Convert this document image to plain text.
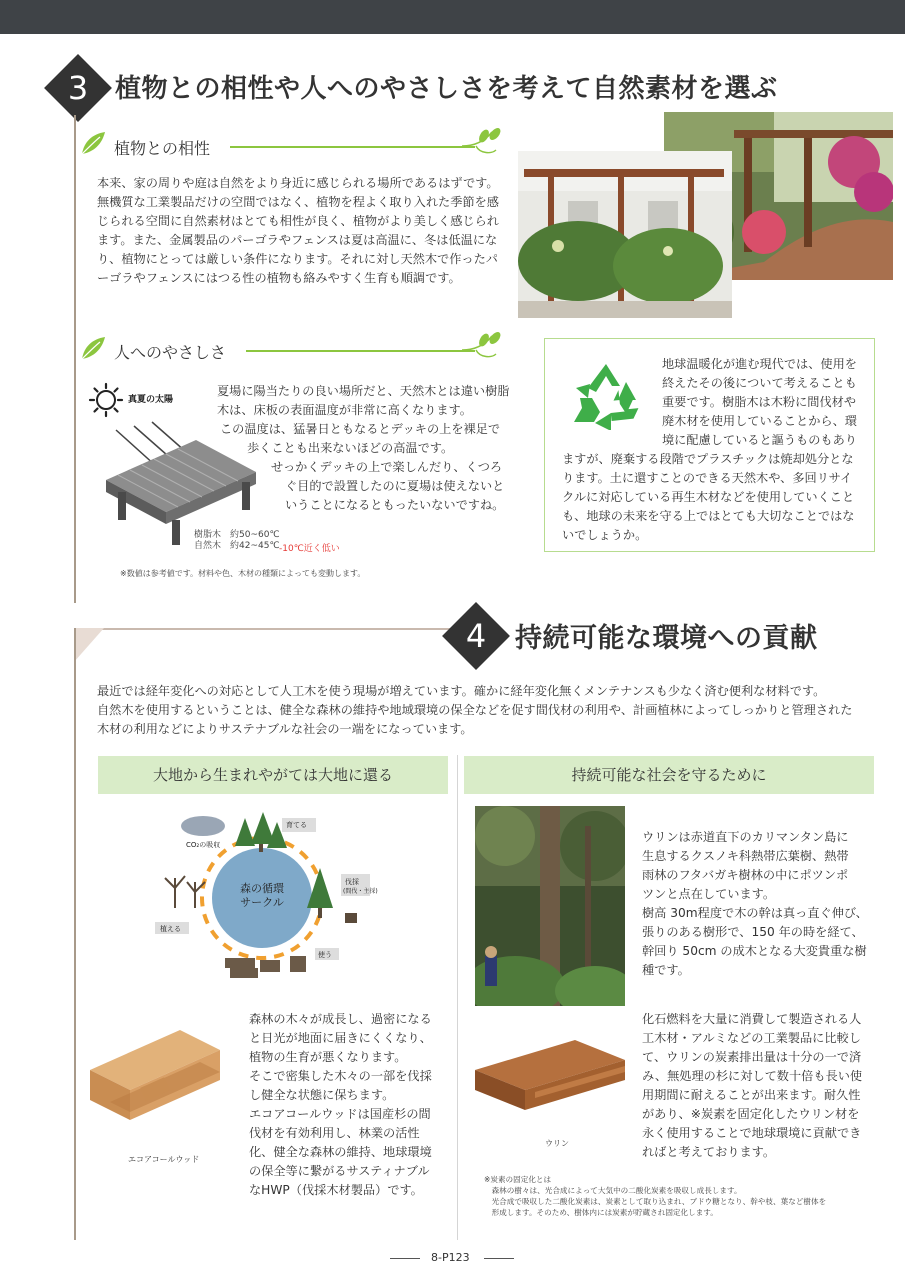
3	植物との相性や人へのやさしさを考えて自然素材を選ぶ
植物との相性
本来、家の周りや庭は自然をより身近に感じられる場所であるはずです。
無機質な工業製品だけの空間ではなく、植物を程よく取り入れた季節を感
じられる空間に自然素材はとても相性が良く、植物がより美しく感じられ
ます。また、金属製品のパーゴラやフェンスは夏は高温に、冬は低温にな
り、植物にとっては厳しい条件になります。それに対し天然木で作ったパ
ーゴラやフェンスにはつる性の植物も絡みやすく生育も順調です。
人へのやさしさ
真夏の太陽
夏場に陽当たりの良い場所だと、天然木とは違い樹脂
木は、床板の表面温度が非常に高くなります。
この温度は、猛暑日ともなるとデッキの上を裸足で
歩くことも出来ないほどの高温です。
せっかくデッキの上で楽しんだり、くつろ
ぐ目的で設置したのに夏場は使えないと
いうことになるともったいないですね。
樹脂木　約50~60℃
自然木　約42~45℃ -10℃近く低い
※数値は参考値です。材料や色、木材の種類によっても変動します。
地球温暖化が進む現代では、使用を
終えたその後について考えることも
重要です。樹脂木は木粉に間伐材や
廃木材を使用していることから、環
境に配慮していると謳うものもあり
ますが、廃棄する段階でプラスチックは焼却処分とな
ります。土に還すことのできる天然木や、多回リサイ
クルに対応している再生木材などを使用していくこと
も、地球の未来を守る上ではとても大切なことではな
いでしょうか。
4	持続可能な環境への貢献
最近では経年変化への対応として人工木を使う現場が増えています。確かに経年変化無くメンテナンスも少なく済む便利な材料です。
自然木を使用するということは、健全な森林の維持や地域環境の保全などを促す間伐材の利用や、計画植林によってしっかりと管理された
木材の利用などによりサステナブルな社会の一端をになっています。
大地から生まれやがては大地に還る
森の循環
サークル
CO₂の吸収
育てる
伐採
(間伐・主採)
使う
植える
エコアコールウッド
森林の木々が成長し、過密になる
と日光が地面に届きにくくなり、
植物の生育が悪くなります。
そこで密集した木々の一部を伐採
し健全な状態に保ちます。
エコアコールウッドは国産杉の間
伐材を有効利用し、林業の活性
化、健全な森林の維持、地球環境
の保全等に繋がるサスティナブル
なHWP（伐採木材製品）です。
持続可能な社会を守るために
ウリンは赤道直下のカリマンタン島に
生息するクスノキ科熱帯広葉樹、熱帯
雨林のフタバガキ樹林の中にポツンポ
ツンと点在しています。
樹高 30m程度で木の幹は真っ直ぐ伸び、
張りのある樹形で、150 年の時を経て、
幹回り 50cm の成木となる大変貴重な樹
種です。
ウリン
化石燃料を大量に消費して製造される人
工木材・アルミなどの工業製品に比較し
て、ウリンの炭素排出量は十分の一で済
み、無処理の杉に対して数十倍も長い使
用期間に耐えることが出来ます。耐久性
があり、※炭素を固定化したウリン材を
永く使用することで地球環境に貢献でき
ればと考えております。
※炭素の固定化とは
　森林の樹々は、光合成によって大気中の二酸化炭素を吸収し成長します。
　光合成で吸収した二酸化炭素は、炭素として取り込まれ、ブドウ糖となり、幹や枝、葉など樹体を
　形成します。そのため、樹体内には炭素が貯蔵され固定化します。
8-P123
